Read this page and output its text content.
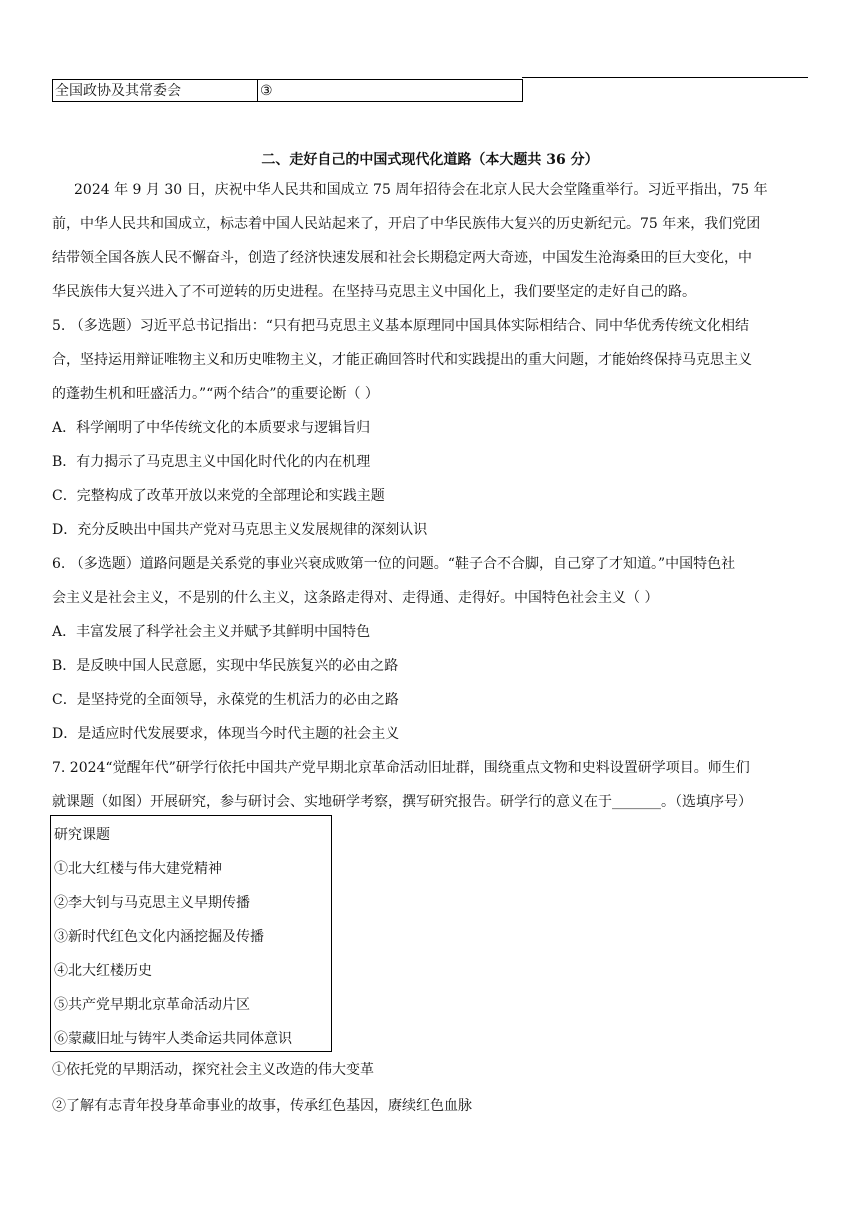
全国政协及其常委会	③
二、走好自己的中国式现代化道路（本大题共 36 分）
2024 年 9 月 30 日，庆祝中华人民共和国成立 75 周年招待会在北京人民大会堂隆重举行。习近平指出，75 年
前，中华人民共和国成立，标志着中国人民站起来了，开启了中华民族伟大复兴的历史新纪元。75 年来，我们党团
结带领全国各族人民不懈奋斗，创造了经济快速发展和社会长期稳定两大奇迹，中国发生沧海桑田的巨大变化，中
华民族伟大复兴进入了不可逆转的历史进程。在坚持马克思主义中国化上，我们要坚定的走好自己的路。
5. （多选题）习近平总书记指出：“只有把马克思主义基本原理同中国具体实际相结合、同中华优秀传统文化相结
合，坚持运用辩证唯物主义和历史唯物主义，才能正确回答时代和实践提出的重大问题，才能始终保持马克思主义
的蓬勃生机和旺盛活力。”“两个结合”的重要论断（ ）
A．科学阐明了中华传统文化的本质要求与逻辑旨归
B．有力揭示了马克思主义中国化时代化的内在机理
C．完整构成了改革开放以来党的全部理论和实践主题
D．充分反映出中国共产党对马克思主义发展规律的深刻认识
6. （多选题）道路问题是关系党的事业兴衰成败第一位的问题。“鞋子合不合脚，自己穿了才知道。”中国特色社
会主义是社会主义，不是别的什么主义，这条路走得对、走得通、走得好。中国特色社会主义（ ）
A．丰富发展了科学社会主义并赋予其鲜明中国特色
B．是反映中国人民意愿，实现中华民族复兴的必由之路
C．是坚持党的全面领导，永葆党的生机活力的必由之路
D．是适应时代发展要求，体现当今时代主题的社会主义
7. 2024“觉醒年代”研学行依托中国共产党早期北京革命活动旧址群，围绕重点文物和史料设置研学项目。师生们
就课题（如图）开展研究，参与研讨会、实地研学考察，撰写研究报告。研学行的意义在于_______。（选填序号）
研究课题
①北大红楼与伟大建党精神
②李大钊与马克思主义早期传播
③新时代红色文化内涵挖掘及传播
④北大红楼历史
⑤共产党早期北京革命活动片区
⑥蒙藏旧址与铸牢人类命运共同体意识
①依托党的早期活动，探究社会主义改造的伟大变革
②了解有志青年投身革命事业的故事，传承红色基因，赓续红色血脉
